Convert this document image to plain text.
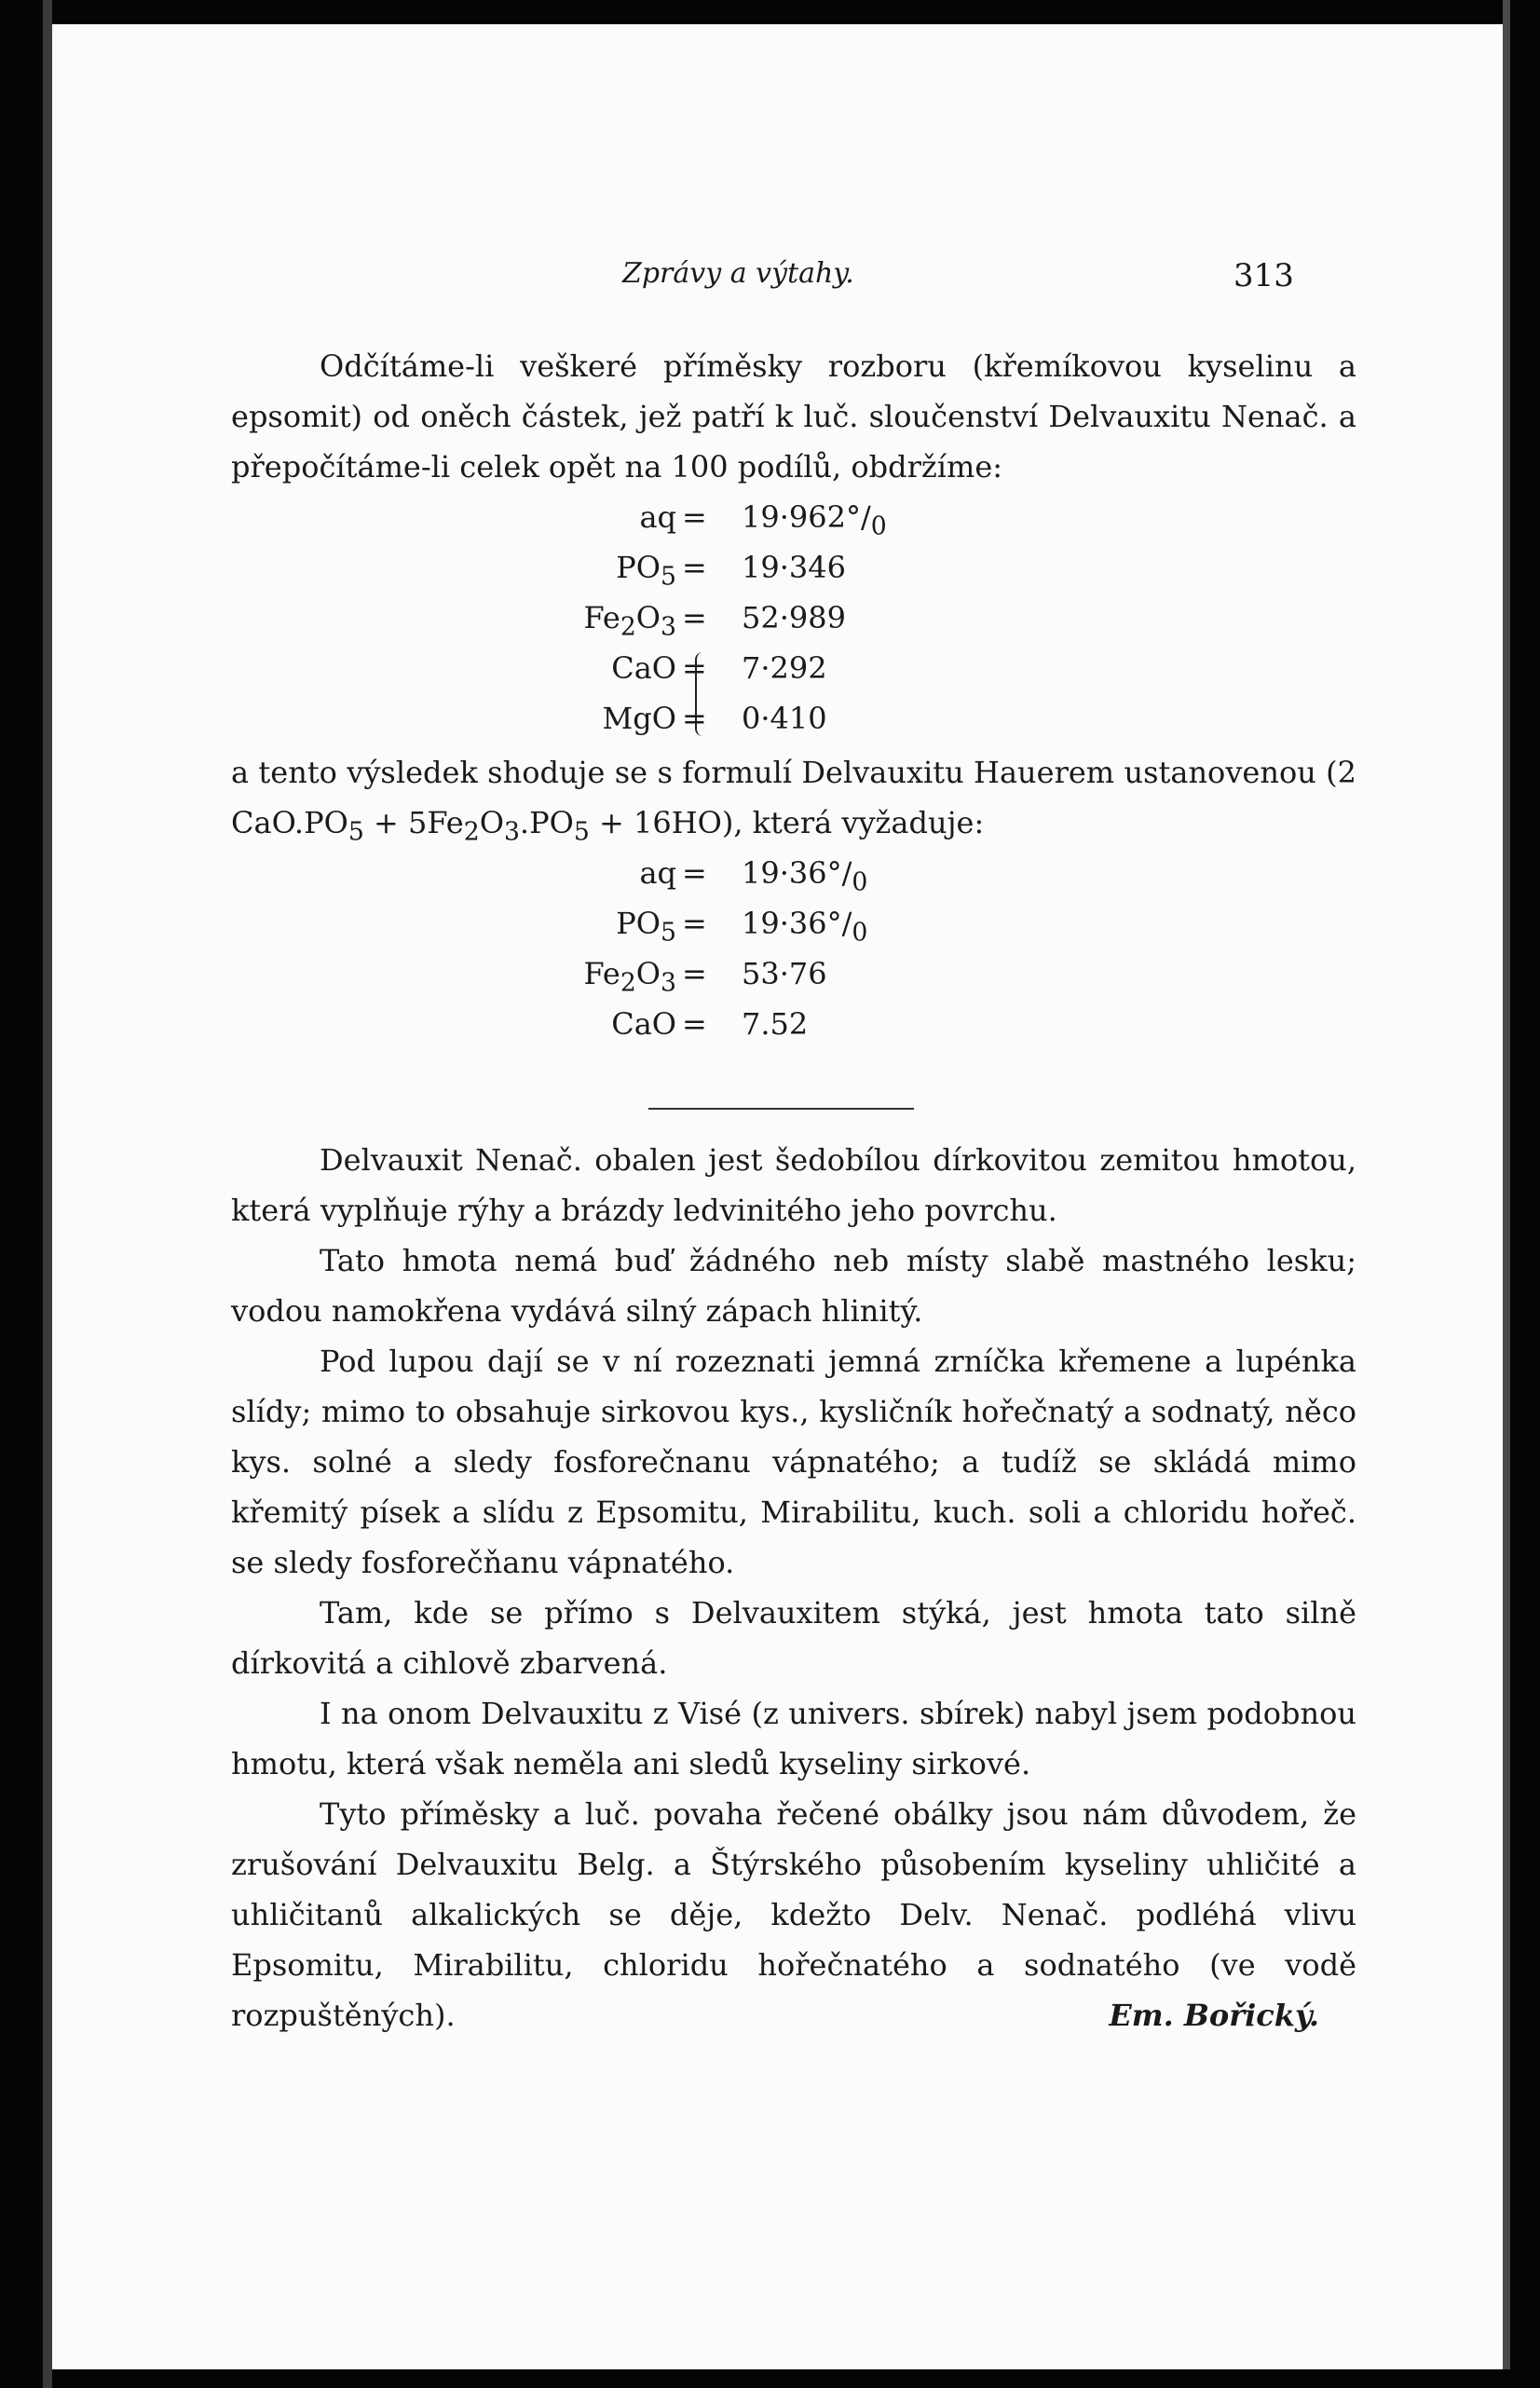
Zprávy a výtahy.	313

Odčítáme-li veškeré příměsky rozboru (křemíkovou kyselinu a epsomit) od oněch částek, jež patří k luč. sloučenství Delvauxitu Nenač. a přepočítáme-li celek opět na 100 podílů, obdržíme:

aq = $19\cdot 962^\circ/_0$
$PO_5 = 19\cdot 346$
$Fe_2O_3 = 52\cdot 989$
CaO = 7·292
MgO = 0·410

a tento výsledek shoduje se s formulí Delvauxitu Hauerem ustanovenou (2 $CaO.PO_5 + 5Fe_2O_3.PO_5 + 16HO$), která vyžaduje:

aq = $19\cdot 36^\circ/_0$
$PO_5 = 19\cdot 36^\circ/_0$
$Fe_2O_3 = 53\cdot 76$
CaO = 7.52

Delvauxit Nenač. obalen jest šedobílou dírkovitou zemitou hmotou, která vyplňuje rýhy a brázdy ledvinitého jeho povrchu.

Tato hmota nemá buď žádného neb místy slabě mastného lesku; vodou namokřena vydává silný zápach hlinitý.

Pod lupou dají se v ní rozeznati jemná zrníčka křemene a lupénka slídy; mimo to obsahuje sirkovou kys., kysličník hořečnatý a sodnatý, něco kys. solné a sledy fosforečnanu vápnatého; a tudíž se skládá mimo křemitý písek a slídu z Epsomitu, Mirabilitu, kuch. soli a chloridu hořeč. se sledy fosforečňanu vápnatého.

Tam, kde se přímo s Delvauxitem stýká, jest hmota tato silně dírkovitá a cihlově zbarvená.

I na onom Delvauxitu z Visé (z univers. sbírek) nabyl jsem podobnou hmotu, která však neměla ani sledů kyseliny sirkové.

Tyto příměsky a luč. povaha řečené obálky jsou nám důvodem, že zrušování Delvauxitu Belg. a Štýrského působením kyseliny uhličité a uhličitanů alkalických se děje, kdežto Delv. Nenač. podléhá vlivu Epsomitu, Mirabilitu, chloridu hořečnatého a sodnatého (ve vodě

rozpuštěných).	Em. Bořický.
